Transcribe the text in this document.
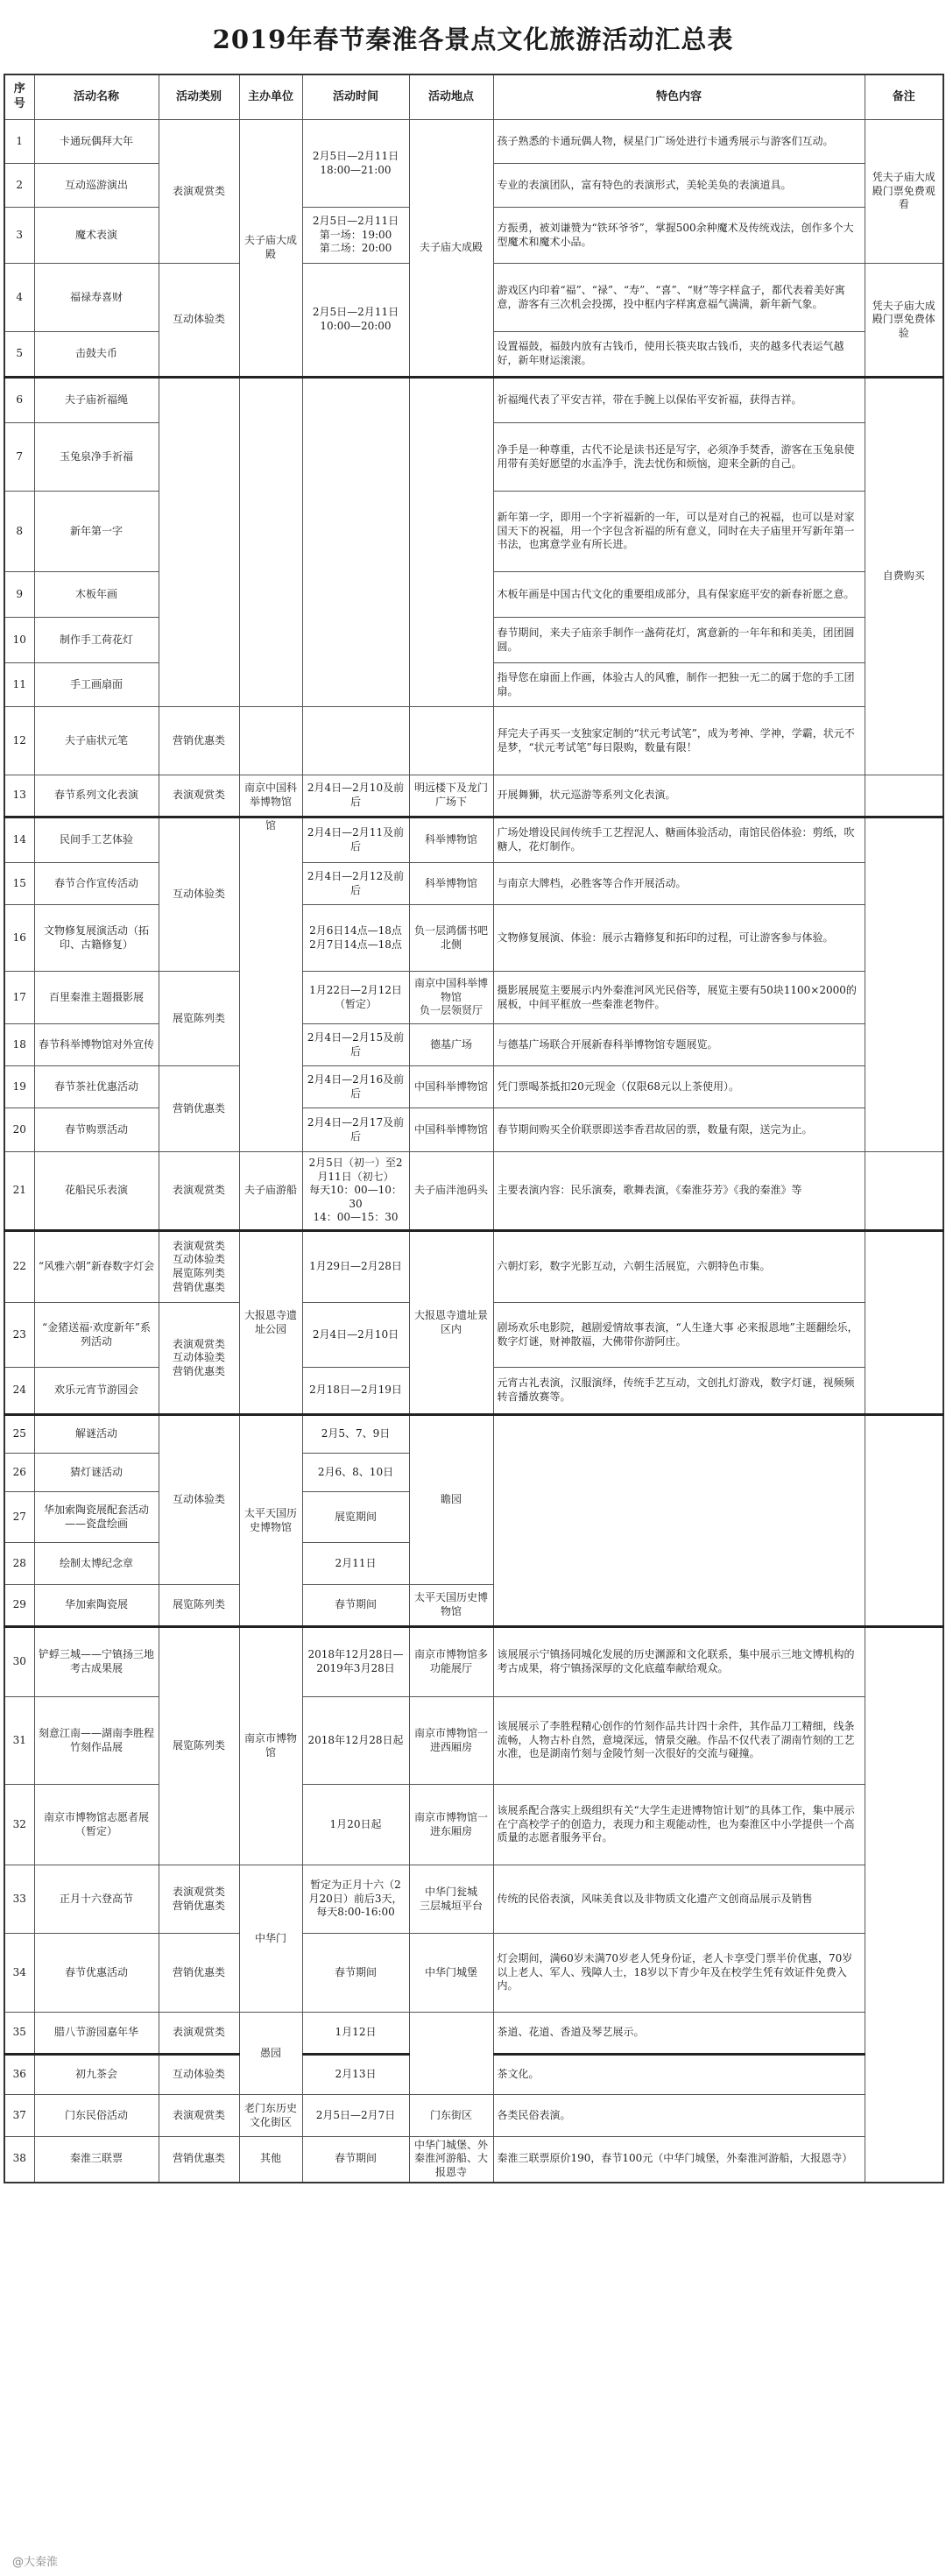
2019年春节秦淮各景点文化旅游活动汇总表
序号	活动名称	活动类别	主办单位	活动时间	活动地点	特色内容	备注
1	卡通玩偶拜大年	表演观赏类	夫子庙大成殿	2月5日—2月11日
18:00—21:00	夫子庙大成殿	孩子熟悉的卡通玩偶人物，棂星门广场处进行卡通秀展示与游客们互动。	凭夫子庙大成殿门票免费观看
2	互动巡游演出					专业的表演团队，富有特色的表演形式，美轮美奂的表演道具。	
3	魔术表演			2月5日—2月11日
第一场：19:00
第二场：20:00		方振勇，被刘谦赞为“铁环爷爷”，掌握500余种魔术及传统戏法，创作多个大型魔术和魔术小品。	
4	福禄寿喜财	互动体验类		2月5日—2月11日
10:00—20:00		游戏区内印着“福”、“禄”、“寿”、“喜”、“财”等字样盒子，都代表着美好寓意，游客有三次机会投掷，投中框内字样寓意福气满满，新年新气象。	凭夫子庙大成殿门票免费体验
5	击鼓夫币					设置福鼓，福鼓内放有古钱币，使用长筷夹取古钱币，夹的越多代表运气越好，新年财运滚滚。	
6	夫子庙祈福绳					祈福绳代表了平安吉祥，带在手腕上以保佑平安祈福，获得吉祥。	自费购买
7	玉兔泉净手祈福					净手是一种尊重，古代不论是读书还是写字，必须净手焚香，游客在玉兔泉使用带有美好愿望的水盂净手，洗去忧伤和烦恼，迎来全新的自己。	
8	新年第一字					新年第一字，即用一个字祈福新的一年，可以是对自己的祝福，也可以是对家国天下的祝福，用一个字包含祈福的所有意义，同时在夫子庙里开写新年第一书法，也寓意学业有所长进。	
9	木板年画					木板年画是中国古代文化的重要组成部分，具有保家庭平安的新春祈愿之意。	
10	制作手工荷花灯					春节期间，来夫子庙亲手制作一盏荷花灯，寓意新的一年年和和美美，团团圆圆。	
11	手工画扇面					指导您在扇面上作画，体验古人的风雅，制作一把独一无二的属于您的手工团扇。	
12	夫子庙状元笔	营销优惠类				拜完夫子再买一支独家定制的“状元考试笔”，成为考神、学神，学霸，状元不是梦，“状元考试笔”每日限购，数量有限！	
13	春节系列文化表演	表演观赏类	南京中国科举博物馆	2月4日—2月10及前后	明远楼下及龙门广场下	开展舞狮，状元巡游等系列文化表演。	
14	民间手工艺体验	互动体验类	馆	2月4日—2月11及前后	科举博物馆	广场处增设民间传统手工艺捏泥人、糖画体验活动，南馆民俗体验：剪纸，吹糖人，花灯制作。	
15	春节合作宣传活动			2月4日—2月12及前后	科举博物馆	与南京大牌档，必胜客等合作开展活动。	
16	文物修复展演活动（拓印、古籍修复）			2月6日14点—18点
2月7日14点—18点	负一层鸿儒书吧北侧	文物修复展演、体验：展示古籍修复和拓印的过程，可让游客参与体验。	
17	百里秦淮主题摄影展	展览陈列类		1月22日—2月12日
（暂定）	南京中国科举博物馆
负一层领贤厅	摄影展展览主要展示内外秦淮河风光民俗等，展览主要有50块1100×2000的展板，中间平框放一些秦淮老物件。	
18	春节科举博物馆对外宣传			2月4日—2月15及前后	德基广场	与德基广场联合开展新春科举博物馆专题展览。	
19	春节茶社优惠活动	营销优惠类		2月4日—2月16及前后	中国科举博物馆	凭门票喝茶抵扣20元现金（仅限68元以上茶使用）。	
20	春节购票活动			2月4日—2月17及前后	中国科举博物馆	春节期间购买全价联票即送李香君故居的票，数量有限，送完为止。	
21	花船民乐表演	表演观赏类	夫子庙游船	2月5日（初一）至2月11日（初七）
每天10：00—10：30
14：00—15：30	夫子庙泮池码头	主要表演内容：民乐演奏，歌舞表演，《秦淮芬芳》《我的秦淮》等	
22	“风雅六朝”新春数字灯会	表演观赏类
互动体验类
展览陈列类
营销优惠类	大报恩寺遗址公园	1月29日—2月28日	大报恩寺遗址景区内	六朝灯彩，数字光影互动，六朝生活展览，六朝特色市集。	
23	“金猪送福·欢度新年”系列活动	表演观赏类
互动体验类
营销优惠类		2月4日—2月10日		剧场欢乐电影院，越剧爱情故事表演，“人生逢大事 必来报恩地”主题翻绘乐，数字灯谜，财神散福，大佛带你游阿庄。	
24	欢乐元宵节游园会			2月18日—2月19日		元宵古礼表演，汉服演绎，传统手艺互动，文创扎灯游戏，数字灯谜，视频频转音播放赛等。	
25	解谜活动	互动体验类	太平天国历史博物馆	2月5、7、9日	瞻园		
26	猜灯谜活动			2月6、8、10日			
27	华加索陶瓷展配套活动
——瓷盘绘画			展览期间			
28	绘制太博纪念章			2月11日			
29	华加索陶瓷展	展览陈列类		春节期间	太平天国历史博物馆		
30	铲蜉三城——宁镇扬三地考古成果展	展览陈列类	南京市博物馆	2018年12月28日—2019年3月28日	南京市博物馆多功能展厅	该展展示宁镇扬同城化发展的历史渊源和文化联系，集中展示三地文博机构的考古成果，将宁镇扬深厚的文化底蕴奉献给观众。	
31	刻意江南——湖南李胜程竹刻作品展			2018年12月28日起	南京市博物馆一进西厢房	该展展示了李胜程精心创作的竹刻作品共计四十余件，其作品刀工精细，线条流畅，人物古朴自然，意境深远，情景交融。作品不仅代表了湖南竹刻的工艺水准，也是湖南竹刻与金陵竹刻一次很好的交流与碰撞。	
32	南京市博物馆志愿者展
（暂定）			1月20日起	南京市博物馆一进东厢房	该展系配合落实上级组织有关“大学生走进博物馆计划”的具体工作，集中展示在宁高校学子的创造力，表现力和主观能动性，也为秦淮区中小学提供一个高质量的志愿者服务平台。	
33	正月十六登高节	表演观赏类
营销优惠类	中华门	暂定为正月十六（2月20日）前后3天，每天8:00-16:00	中华门瓮城
三层城垣平台	传统的民俗表演，风味美食以及非物质文化遗产文创商品展示及销售	
34	春节优惠活动	营销优惠类		春节期间	中华门城堡	灯会期间，满60岁未满70岁老人凭身份证，老人卡享受门票半价优惠，70岁以上老人、军人、残障人士，18岁以下青少年及在校学生凭有效证件免费入内。	
35	腊八节游园嘉年华	表演观赏类	愚园	1月12日		茶道、花道、香道及琴艺展示。	
36	初九茶会	互动体验类		2月13日		茶文化。	
37	门东民俗活动	表演观赏类	老门东历史文化街区	2月5日—2月7日	门东街区	各类民俗表演。	
38	秦淮三联票	营销优惠类	其他	春节期间	中华门城堡、外秦淮河游船、大报恩寺	秦淮三联票原价190，春节100元（中华门城堡，外秦淮河游船，大报恩寺）	
@大秦淮
